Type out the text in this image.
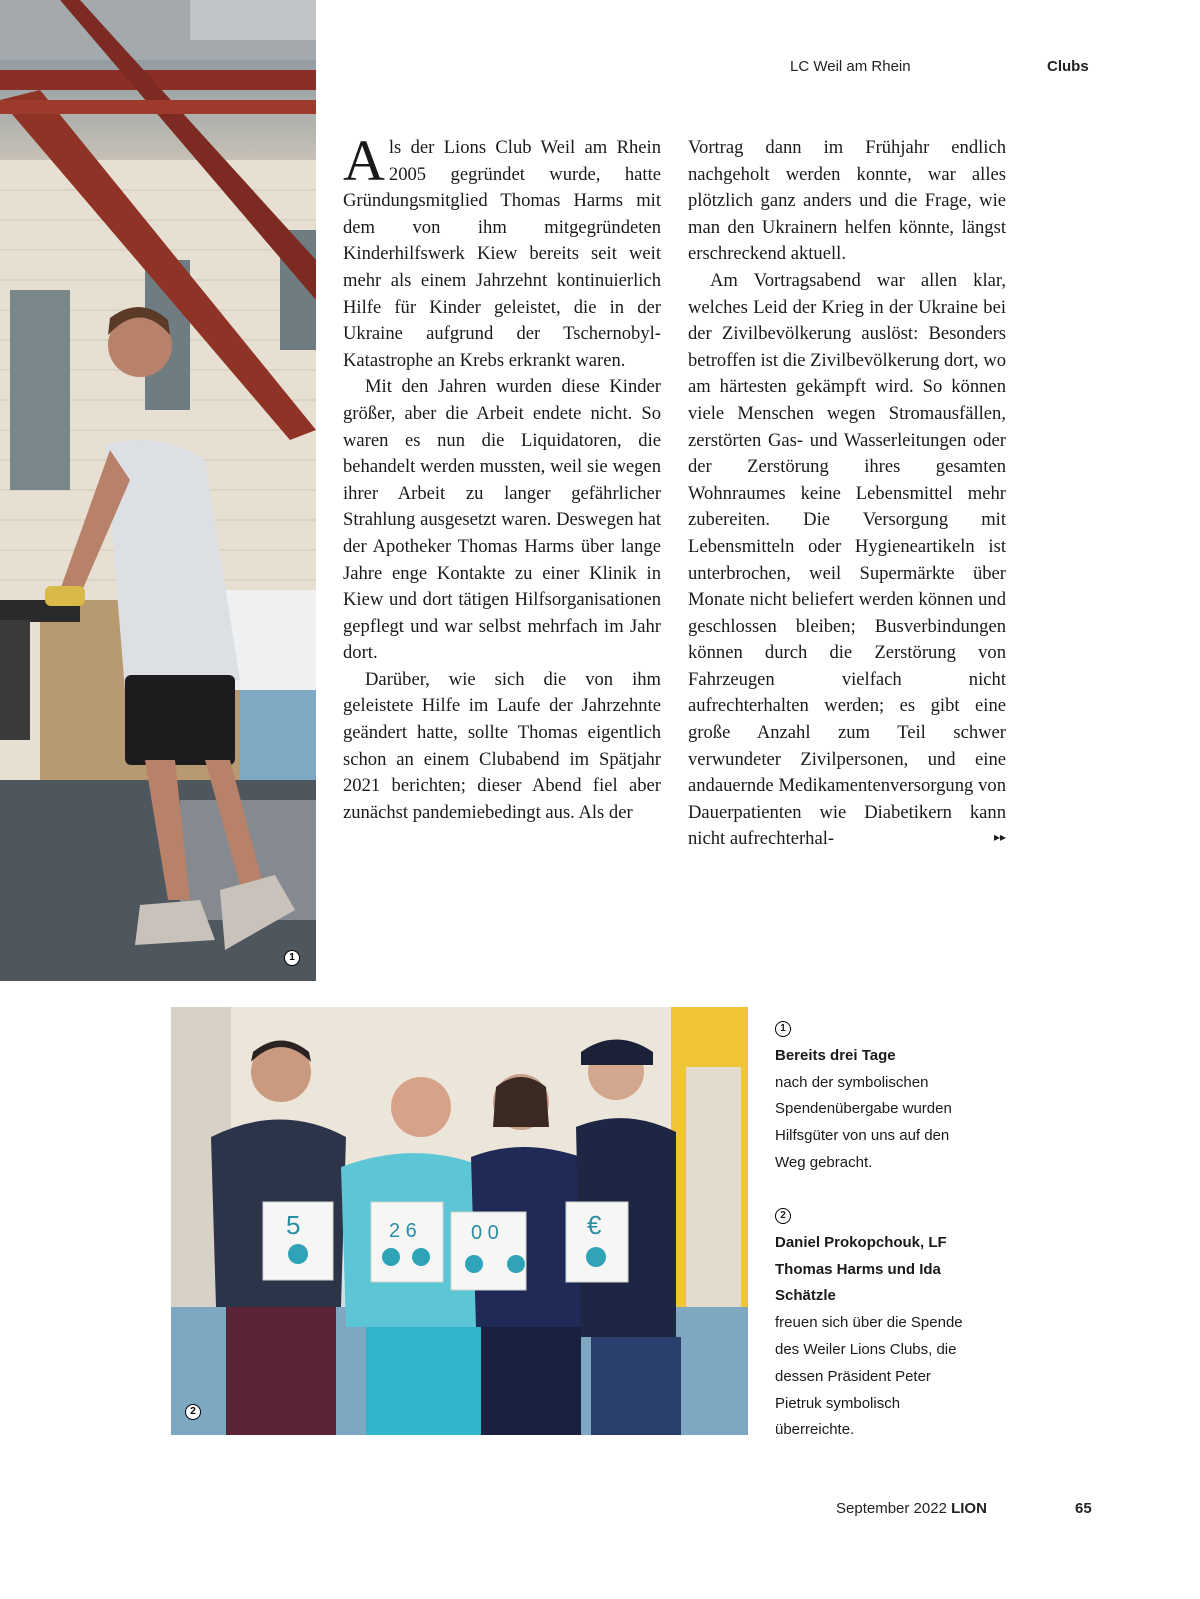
LC Weil am Rhein	Clubs
1

Als der Lions Club Weil am Rhein 2005 gegründet wurde, hatte Gründungsmitglied Thomas Harms mit dem von ihm mitgegründeten Kinderhilfswerk Kiew bereits seit weit mehr als einem Jahrzehnt kontinuierlich Hilfe für Kinder geleistet, die in der Ukraine aufgrund der Tschernobyl-Katastrophe an Krebs erkrankt waren.

Mit den Jahren wurden diese Kinder größer, aber die Arbeit endete nicht. So waren es nun die Liquidatoren, die behandelt werden mussten, weil sie wegen ihrer Arbeit zu langer gefährlicher Strahlung ausgesetzt waren. Deswegen hat der Apotheker Thomas Harms über lange Jahre enge Kontakte zu einer Klinik in Kiew und dort tätigen Hilfsorganisationen gepflegt und war selbst mehrfach im Jahr dort.

Darüber, wie sich die von ihm geleistete Hilfe im Laufe der Jahrzehnte geändert hatte, sollte Thomas eigentlich schon an einem Clubabend im Spätjahr 2021 berichten; dieser Abend fiel aber zunächst pandemiebedingt aus. Als der

Vortrag dann im Frühjahr endlich nachgeholt werden konnte, war alles plötzlich ganz anders und die Frage, wie man den Ukrainern helfen könnte, längst erschreckend aktuell.

Am Vortragsabend war allen klar, welches Leid der Krieg in der Ukraine bei der Zivilbevölkerung auslöst: Besonders betroffen ist die Zivilbevölkerung dort, wo am härtesten gekämpft wird. So können viele Menschen wegen Stromausfällen, zerstörten Gas- und Wasserleitungen oder der Zerstörung ihres gesamten Wohnraumes keine Lebensmittel mehr zubereiten. Die Versorgung mit Lebensmitteln oder Hygieneartikeln ist unterbrochen, weil Supermärkte über Monate nicht beliefert werden können und geschlossen bleiben; Busverbindungen können durch die Zerstörung von Fahrzeugen vielfach nicht aufrechterhalten werden; es gibt eine große Anzahl zum Teil schwer verwundeter Zivilpersonen, und eine andauernde Medikamentenversorgung von Dauerpatienten wie Diabetikern kann nicht aufrechterhal-	▸▸

5	2 6	0 0	€
2
1
Bereits drei Tage
nach der symbolischen Spendenübergabe wurden Hilfsgüter von uns auf den Weg gebracht.
2
Daniel Prokopchouk, LF Thomas Harms und Ida Schätzle
freuen sich über die Spende des Weiler Lions Clubs, die dessen Präsident Peter Pietruk symbolisch überreichte.
September 2022 LION	65
